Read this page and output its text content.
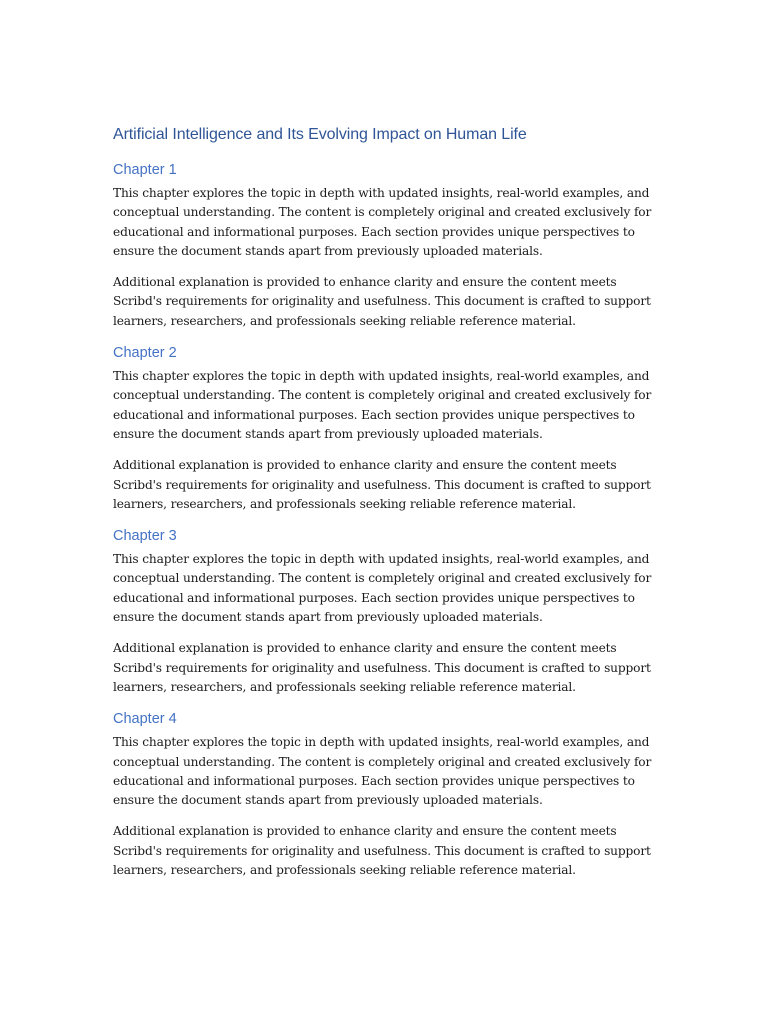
Artificial Intelligence and Its Evolving Impact on Human Life
Chapter 1

This chapter explores the topic in depth with updated insights, real-world examples, and conceptual understanding. The content is completely original and created exclusively for educational and informational purposes. Each section provides unique perspectives to ensure the document stands apart from previously uploaded materials.

Additional explanation is provided to enhance clarity and ensure the content meets Scribd's requirements for originality and usefulness. This document is crafted to support learners, researchers, and professionals seeking reliable reference material.

Chapter 2

This chapter explores the topic in depth with updated insights, real-world examples, and conceptual understanding. The content is completely original and created exclusively for educational and informational purposes. Each section provides unique perspectives to ensure the document stands apart from previously uploaded materials.

Additional explanation is provided to enhance clarity and ensure the content meets Scribd's requirements for originality and usefulness. This document is crafted to support learners, researchers, and professionals seeking reliable reference material.

Chapter 3

This chapter explores the topic in depth with updated insights, real-world examples, and conceptual understanding. The content is completely original and created exclusively for educational and informational purposes. Each section provides unique perspectives to ensure the document stands apart from previously uploaded materials.

Additional explanation is provided to enhance clarity and ensure the content meets Scribd's requirements for originality and usefulness. This document is crafted to support learners, researchers, and professionals seeking reliable reference material.

Chapter 4

This chapter explores the topic in depth with updated insights, real-world examples, and conceptual understanding. The content is completely original and created exclusively for educational and informational purposes. Each section provides unique perspectives to ensure the document stands apart from previously uploaded materials.

Additional explanation is provided to enhance clarity and ensure the content meets Scribd's requirements for originality and usefulness. This document is crafted to support learners, researchers, and professionals seeking reliable reference material.
